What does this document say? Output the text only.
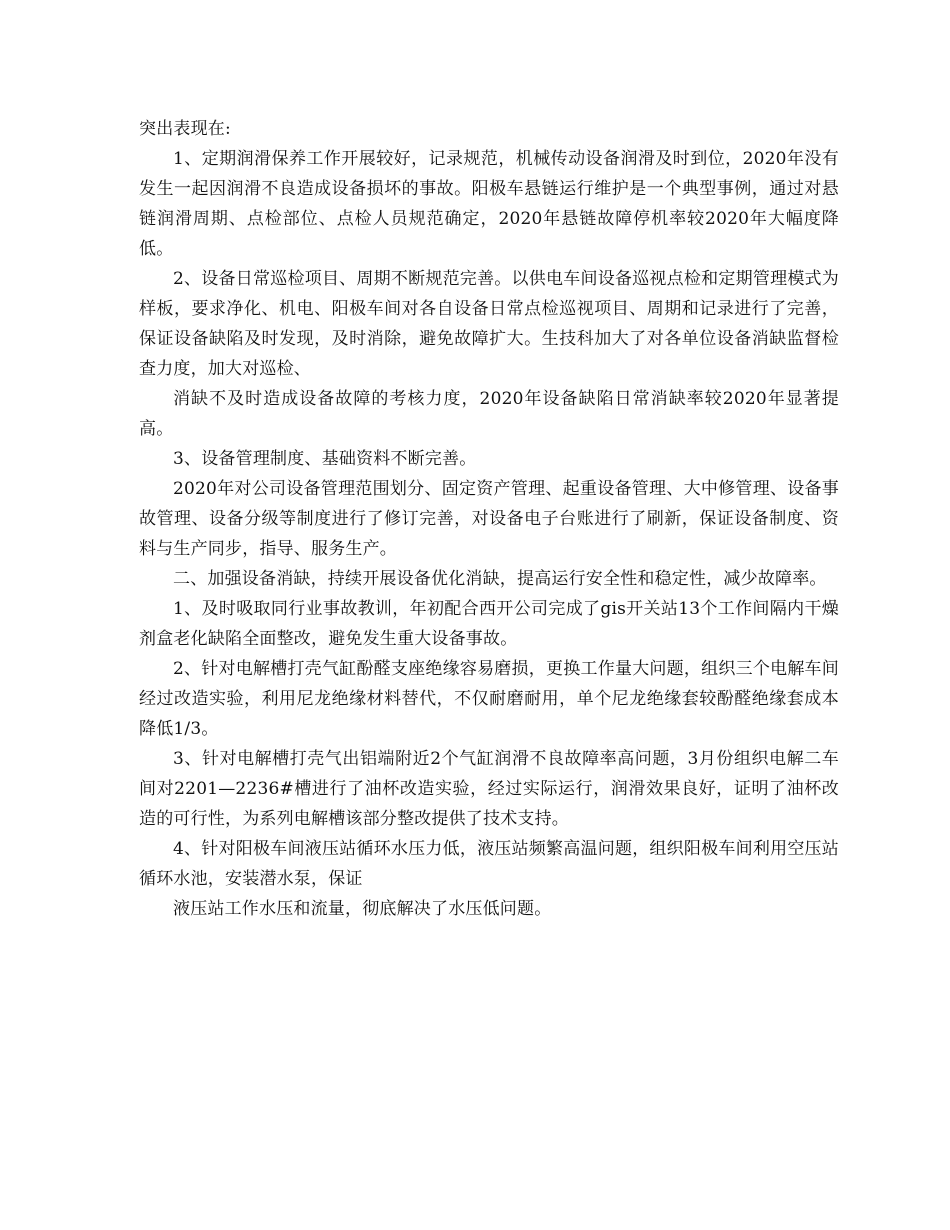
突出表现在:

1、定期润滑保养工作开展较好，记录规范，机械传动设备润滑及时到位，2020年没有发生一起因润滑不良造成设备损坏的事故。阳极车悬链运行维护是一个典型事例，通过对悬链润滑周期、点检部位、点检人员规范确定，2020年悬链故障停机率较2020年大幅度降低。

2、设备日常巡检项目、周期不断规范完善。以供电车间设备巡视点检和定期管理模式为样板，要求净化、机电、阳极车间对各自设备日常点检巡视项目、周期和记录进行了完善，保证设备缺陷及时发现，及时消除，避免故障扩大。生技科加大了对各单位设备消缺监督检查力度，加大对巡检、

消缺不及时造成设备故障的考核力度，2020年设备缺陷日常消缺率较2020年显著提高。

3、设备管理制度、基础资料不断完善。

2020年对公司设备管理范围划分、固定资产管理、起重设备管理、大中修管理、设备事故管理、设备分级等制度进行了修订完善，对设备电子台账进行了刷新，保证设备制度、资料与生产同步，指导、服务生产。

二、加强设备消缺，持续开展设备优化消缺，提高运行安全性和稳定性，减少故障率。

1、及时吸取同行业事故教训，年初配合西开公司完成了gis开关站13个工作间隔内干燥剂盒老化缺陷全面整改，避免发生重大设备事故。

2、针对电解槽打壳气缸酚醛支座绝缘容易磨损，更换工作量大问题，组织三个电解车间经过改造实验，利用尼龙绝缘材料替代，不仅耐磨耐用，单个尼龙绝缘套较酚醛绝缘套成本降低1/3。

3、针对电解槽打壳气出铝端附近2个气缸润滑不良故障率高问题，3月份组织电解二车间对2201—2236#槽进行了油杯改造实验，经过实际运行，润滑效果良好，证明了油杯改造的可行性，为系列电解槽该部分整改提供了技术支持。

4、针对阳极车间液压站循环水压力低，液压站频繁高温问题，组织阳极车间利用空压站循环水池，安装潜水泵，保证

液压站工作水压和流量，彻底解决了水压低问题。
